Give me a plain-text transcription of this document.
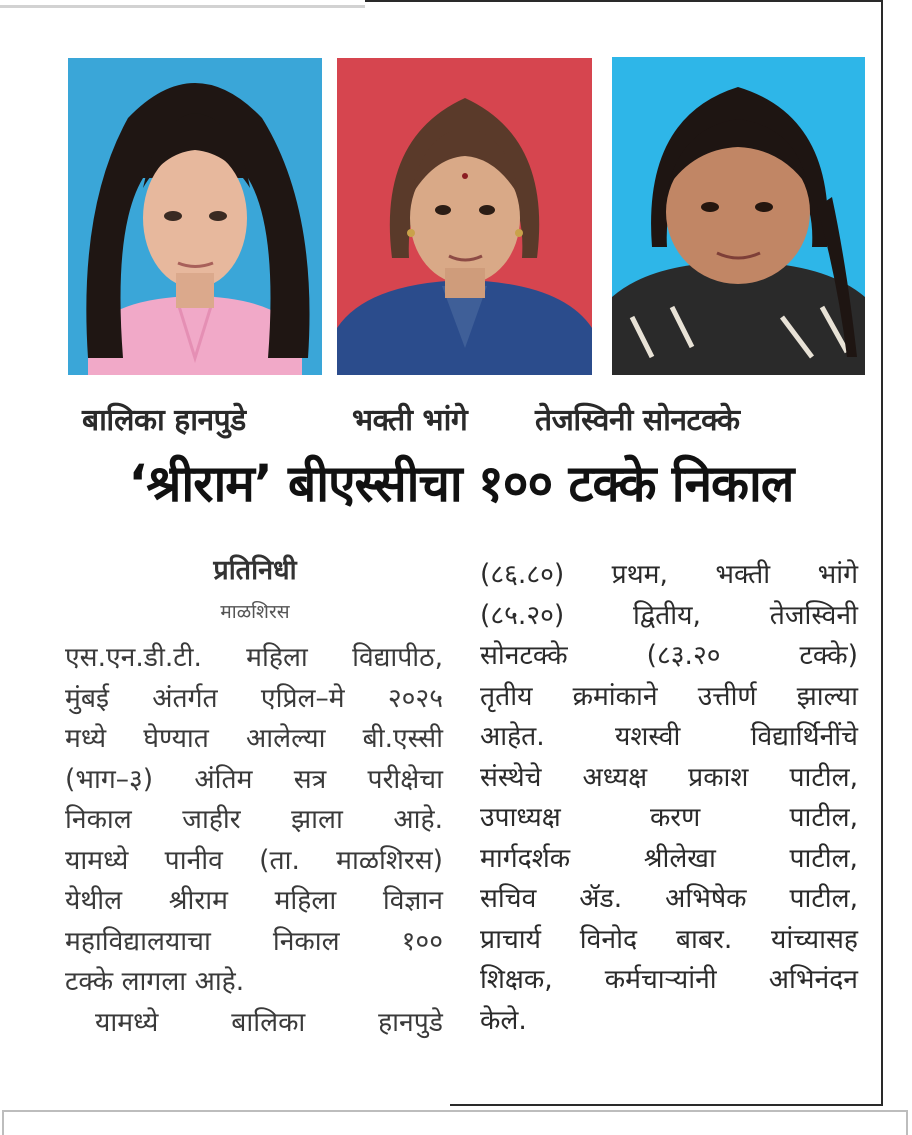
बालिका हानपुडे	भक्ती भांगे तेजस्विनी सोनटक्के
‘श्रीराम’ बीएस्सीचा १०० टक्के निकाल
प्रतिनिधी
माळशिरस

एस.एन.डी.टी. महिला विद्यापीठ,

मुंबई अंतर्गत एप्रिल–मे २०२५

मध्ये घेण्यात आलेल्या बी.एस्सी

(भाग–३) अंतिम सत्र परीक्षेचा

निकाल जाहीर झाला आहे.

यामध्ये पानीव (ता. माळशिरस)

येथील श्रीराम महिला विज्ञान

महाविद्यालयाचा निकाल १००

टक्के लागला आहे.

यामध्ये बालिका हानपुडे

(८६.८०) प्रथम, भक्ती भांगे

(८५.२०) द्वितीय, तेजस्विनी

सोनटक्के (८३.२० टक्के)

तृतीय क्रमांकाने उत्तीर्ण झाल्या

आहेत. यशस्वी विद्यार्थिनींचे

संस्थेचे अध्यक्ष प्रकाश पाटील,

उपाध्यक्ष करण पाटील,

मार्गदर्शक श्रीलेखा पाटील,

सचिव ॲड. अभिषेक पाटील,

प्राचार्य विनोद बाबर. यांच्यासह

शिक्षक, कर्मचाऱ्यांनी अभिनंदन

केले.
